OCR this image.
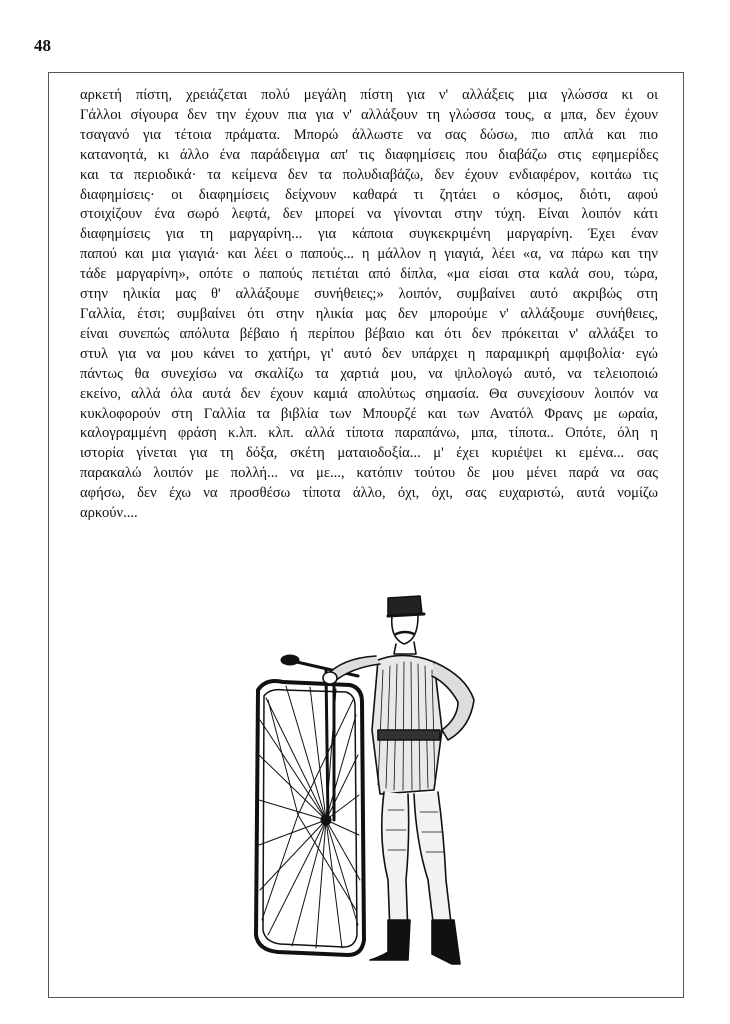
48
αρκετή πίστη, χρειάζεται πολύ μεγάλη πίστη για ν' αλλάξεις μια γλώσσα κι οι
Γάλλοι σίγουρα δεν την έχουν πια για ν' αλλάξουν τη γλώσσα τους, α μπα, δεν έχουν
τσαγανό για τέτοια πράματα. Μπορώ άλλωστε να σας δώσω, πιο απλά και πιο
κατανοητά, κι άλλο ένα παράδειγμα απ' τις διαφημίσεις που διαβάζω στις εφημερίδες
και τα περιοδικά· τα κείμενα δεν τα πολυδιαβάζω, δεν έχουν ενδιαφέρον, κοιτάω τις
διαφημίσεις· οι διαφημίσεις δείχνουν καθαρά τι ζητάει ο κόσμος, διότι, αφού
στοιχίζουν ένα σωρό λεφτά, δεν μπορεί να γίνονται στην τύχη. Είναι λοιπόν κάτι
διαφημίσεις για τη μαργαρίνη... για κάποια συγκεκριμένη μαργαρίνη. Έχει έναν
παπού και μια γιαγιά· και λέει ο παπούς... η μάλλον η γιαγιά, λέει «α, να πάρω και την
τάδε μαργαρίνη», οπότε ο παπούς πετιέται από δίπλα, «μα είσαι στα καλά σου, τώρα,
στην ηλικία μας θ' αλλάξουμε συνήθειες;» λοιπόν, συμβαίνει αυτό ακριβώς στη
Γαλλία, έτσι; συμβαίνει ότι στην ηλικία μας δεν μπορούμε ν' αλλάξουμε συνήθειες,
είναι συνεπώς απόλυτα βέβαιο ή περίπου βέβαιο και ότι δεν πρόκειται ν' αλλάξει το
στυλ για να μου κάνει το χατήρι, γι' αυτό δεν υπάρχει η παραμικρή αμφιβολία· εγώ
πάντως θα συνεχίσω να σκαλίζω τα χαρτιά μου, να ψιλολογώ αυτό, να τελειοποιώ
εκείνο, αλλά όλα αυτά δεν έχουν καμιά απολύτως σημασία. Θα συνεχίσουν λοιπόν να
κυκλοφορούν στη Γαλλία τα βιβλία των Μπουρζέ και των Ανατόλ Φρανς με ωραία,
καλογραμμένη φράση κ.λπ. κλπ. αλλά τίποτα παραπάνω, μπα, τίποτα.. Οπότε, όλη η
ιστορία γίνεται για τη δόξα, σκέτη ματαιοδοξία... μ' έχει κυριέψει κι εμένα... σας
παρακαλώ λοιπόν με πολλή... να με..., κατόπιν τούτου δε μου μένει παρά να σας
αφήσω, δεν έχω να προσθέσω τίποτα άλλο, όχι, όχι, σας ευχαριστώ, αυτά νομίζω
αρκούν....
